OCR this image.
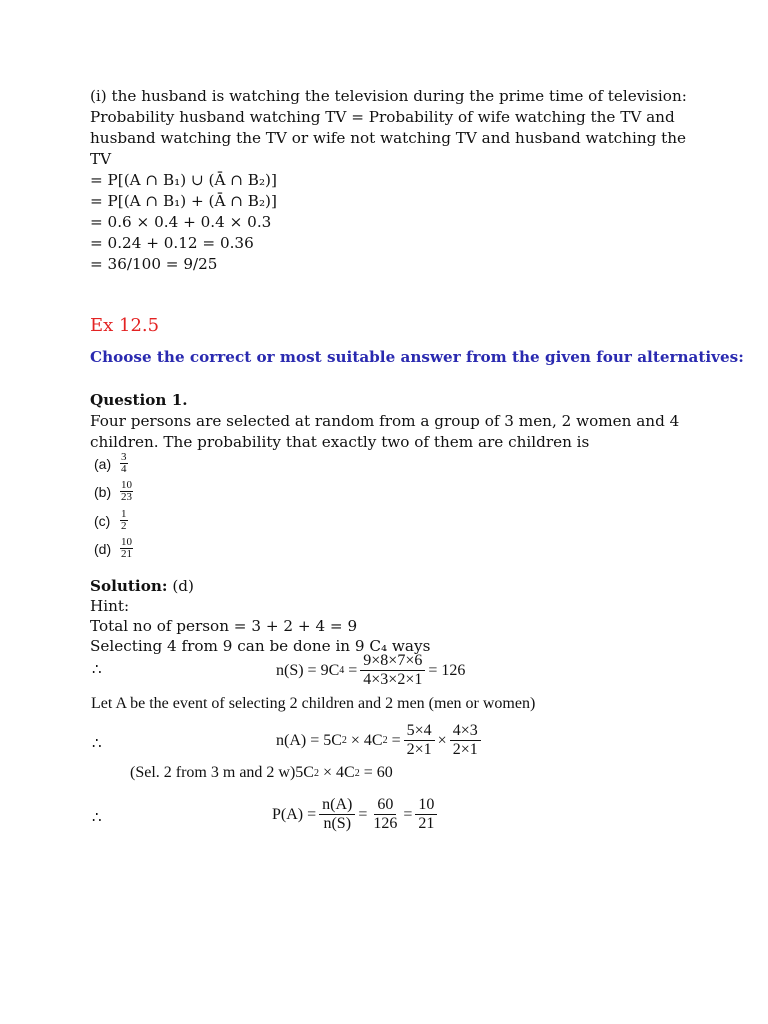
(i) the husband is watching the television during the prime time of television:
Probability husband watching TV = Probability of wife watching the TV and
husband watching the TV or wife not watching TV and husband watching the
TV
= P[(A ∩ B₁) ∪ (Ā ∩ B₂)]
= P[(A ∩ B₁) + (Ā ∩ B₂)]
= 0.6 × 0.4 + 0.4 × 0.3
= 0.24 + 0.12 = 0.36
= 36/100 = 9/25
Ex 12.5
Choose the correct or most suitable answer from the given four alternatives:
Question 1.
Four persons are selected at random from a group of 3 men, 2 women and 4
children. The probability that exactly two of them are children is
$(a) \frac{3}{4}$
$(b) \frac{10}{23}$
$(c) \frac{1}{2}$
$(d) \frac{10}{21}$
Solution: (d)
Hint:
Total no of person = 3 + 2 + 4 = 9
Selecting 4 from 9 can be done in 9 C₄ ways
∴	n(S) = 9C $4 = \frac{9\times 8\times 7\times 6}{4\times 3\times 2\times 1} = 126$
Let A be the event of selecting 2 children and 2 men (men or women)
∴	n(A) = 5C 2 × 4C $2 = \frac{5\times 4}{2\times 1} \times \frac{4\times 3}{2\times 1}$
(Sel. 2 from 3 m and 2 w)5C 2 × 4C 2 = 60
∴	$P(A) = \frac{n(A)}{n(S)} = \frac{60}{126} = \frac{10}{21}$
